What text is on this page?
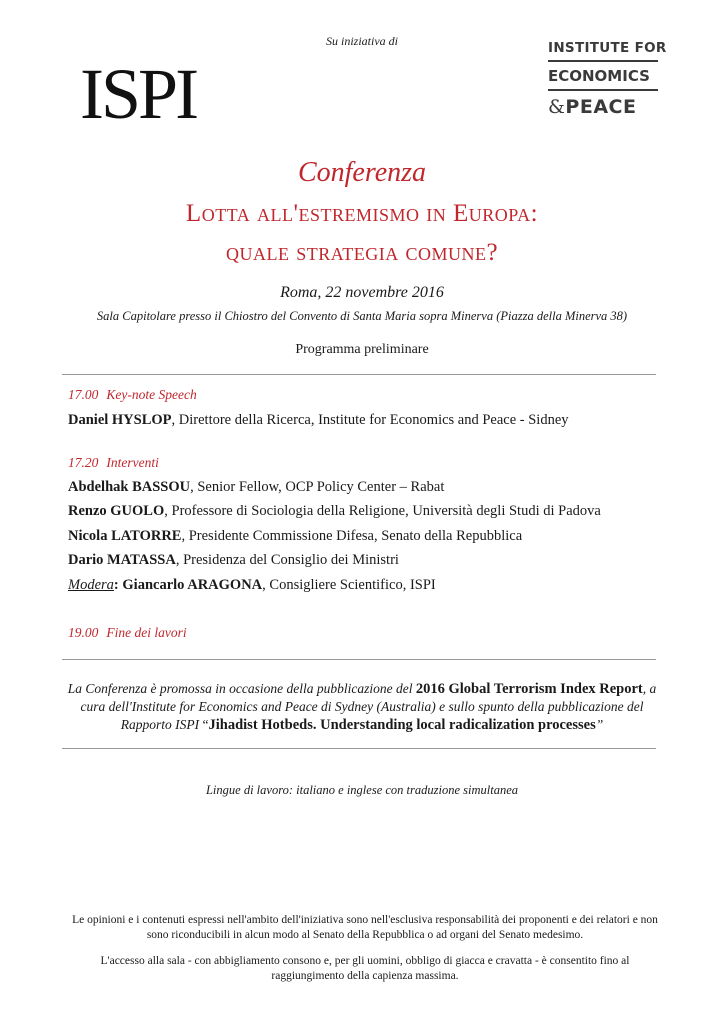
Su iniziativa di
ISPI
INSTITUTE FOR
ECONOMICS
&PEACE
Conferenza
Lotta all'estremismo in Europa:
quale strategia comune?
Roma, 22 novembre 2016
Sala Capitolare presso il Chiostro del Convento di Santa Maria sopra Minerva (Piazza della Minerva 38)
Programma preliminare
17.00 Key-note Speech
Daniel HYSLOP, Direttore della Ricerca, Institute for Economics and Peace - Sidney
17.20 Interventi
Abdelhak BASSOU, Senior Fellow, OCP Policy Center – Rabat
Renzo GUOLO, Professore di Sociologia della Religione, Università degli Studi di Padova
Nicola LATORRE, Presidente Commissione Difesa, Senato della Repubblica
Dario MATASSA, Presidenza del Consiglio dei Ministri
Modera: Giancarlo ARAGONA, Consigliere Scientifico, ISPI
19.00 Fine dei lavori
La Conferenza è promossa in occasione della pubblicazione del 2016 Global Terrorism Index Report, a cura dell'Institute for Economics and Peace di Sydney (Australia) e sullo spunto della pubblicazione del Rapporto ISPI “Jihadist Hotbeds. Understanding local radicalization processes”
Lingue di lavoro: italiano e inglese con traduzione simultanea
Le opinioni e i contenuti espressi nell'ambito dell'iniziativa sono nell'esclusiva responsabilità dei proponenti e dei relatori e non sono riconducibili in alcun modo al Senato della Repubblica o ad organi del Senato medesimo.
L'accesso alla sala - con abbigliamento consono e, per gli uomini, obbligo di giacca e cravatta - è consentito fino al raggiungimento della capienza massima.
